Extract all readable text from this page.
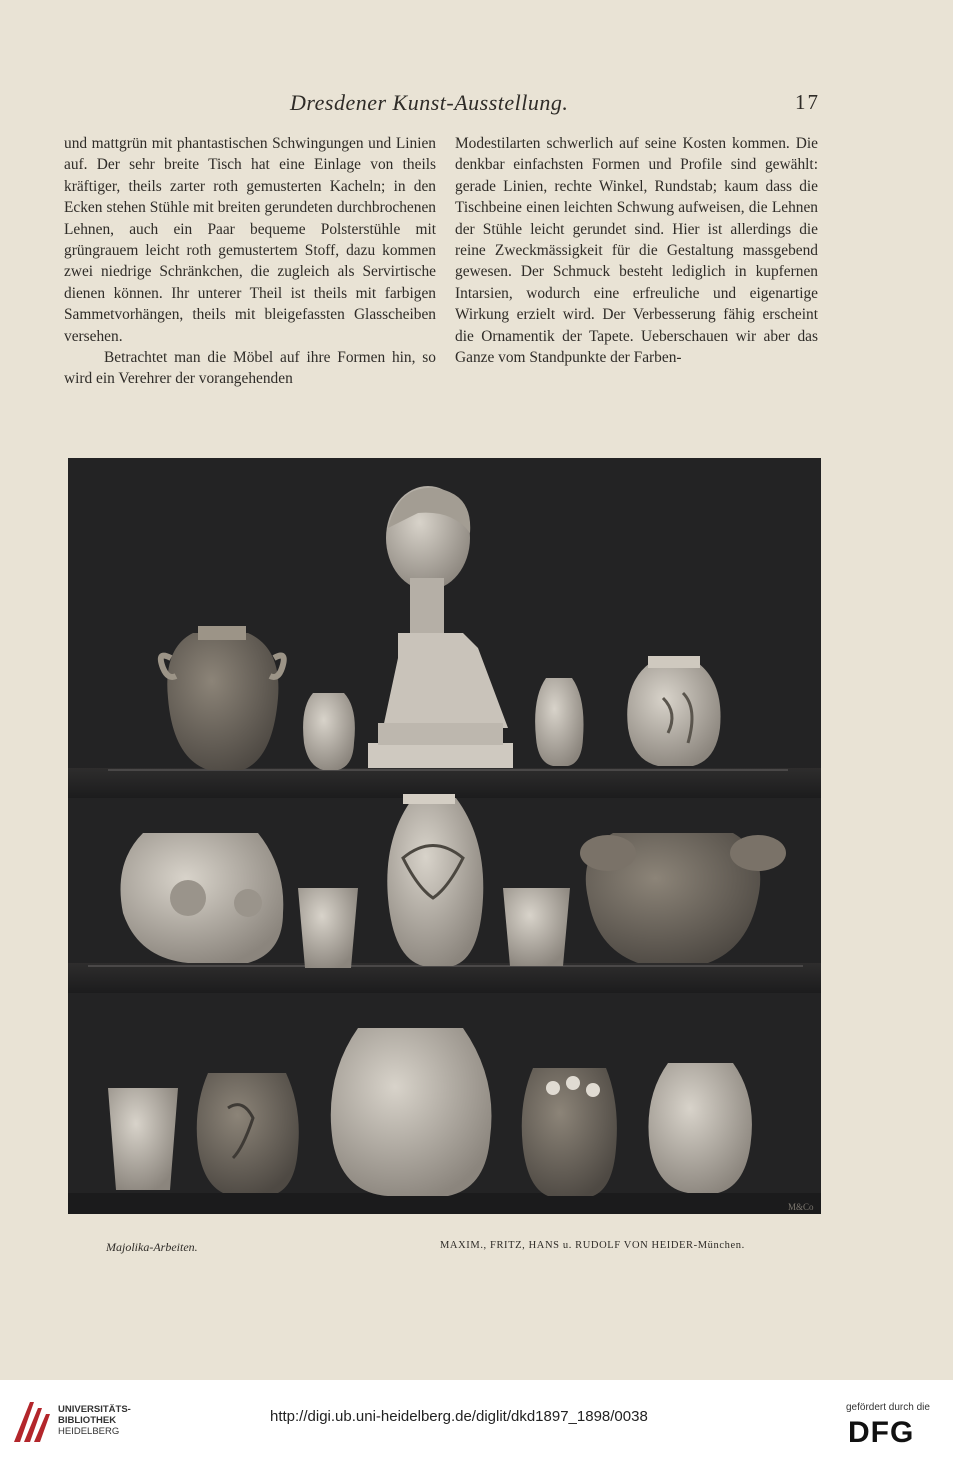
Dresdener Kunst-Ausstellung.	17

und mattgrün mit phantastischen Schwingungen und Linien auf. Der sehr breite Tisch hat eine Einlage von theils kräftiger, theils zarter roth gemusterten Kacheln; in den Ecken stehen Stühle mit breiten gerundeten durchbrochenen Lehnen, auch ein Paar bequeme Polsterstühle mit grüngrauem leicht roth gemustertem Stoff, dazu kommen zwei niedrige Schränkchen, die zugleich als Servirtische dienen können. Ihr unterer Theil ist theils mit farbigen Sammetvorhängen, theils mit bleigefassten Glasscheiben versehen.

Betrachtet man die Möbel auf ihre Formen hin, so wird ein Verehrer der vorangehenden

Modestilarten schwerlich auf seine Kosten kommen. Die denkbar einfachsten Formen und Profile sind gewählt: gerade Linien, rechte Winkel, Rundstab; kaum dass die Tischbeine einen leichten Schwung aufweisen, die Lehnen der Stühle leicht gerundet sind. Hier ist allerdings die reine Zweckmässigkeit für die Gestaltung massgebend gewesen. Der Schmuck besteht lediglich in kupfernen Intarsien, wodurch eine erfreuliche und eigenartige Wirkung erzielt wird. Der Verbesserung fähig erscheint die Ornamentik der Tapete. Ueberschauen wir aber das Ganze vom Standpunkte der Farben-

M&Co
Majolika-Arbeiten.	MAXIM., FRITZ, HANS u. RUDOLF VON HEIDER-München.
UNIVERSITÄTS-
BIBLIOTHEK
HEIDELBERG
http://digi.ub.uni-heidelberg.de/diglit/dkd1897_1898/0038
gefördert durch die
DFG
